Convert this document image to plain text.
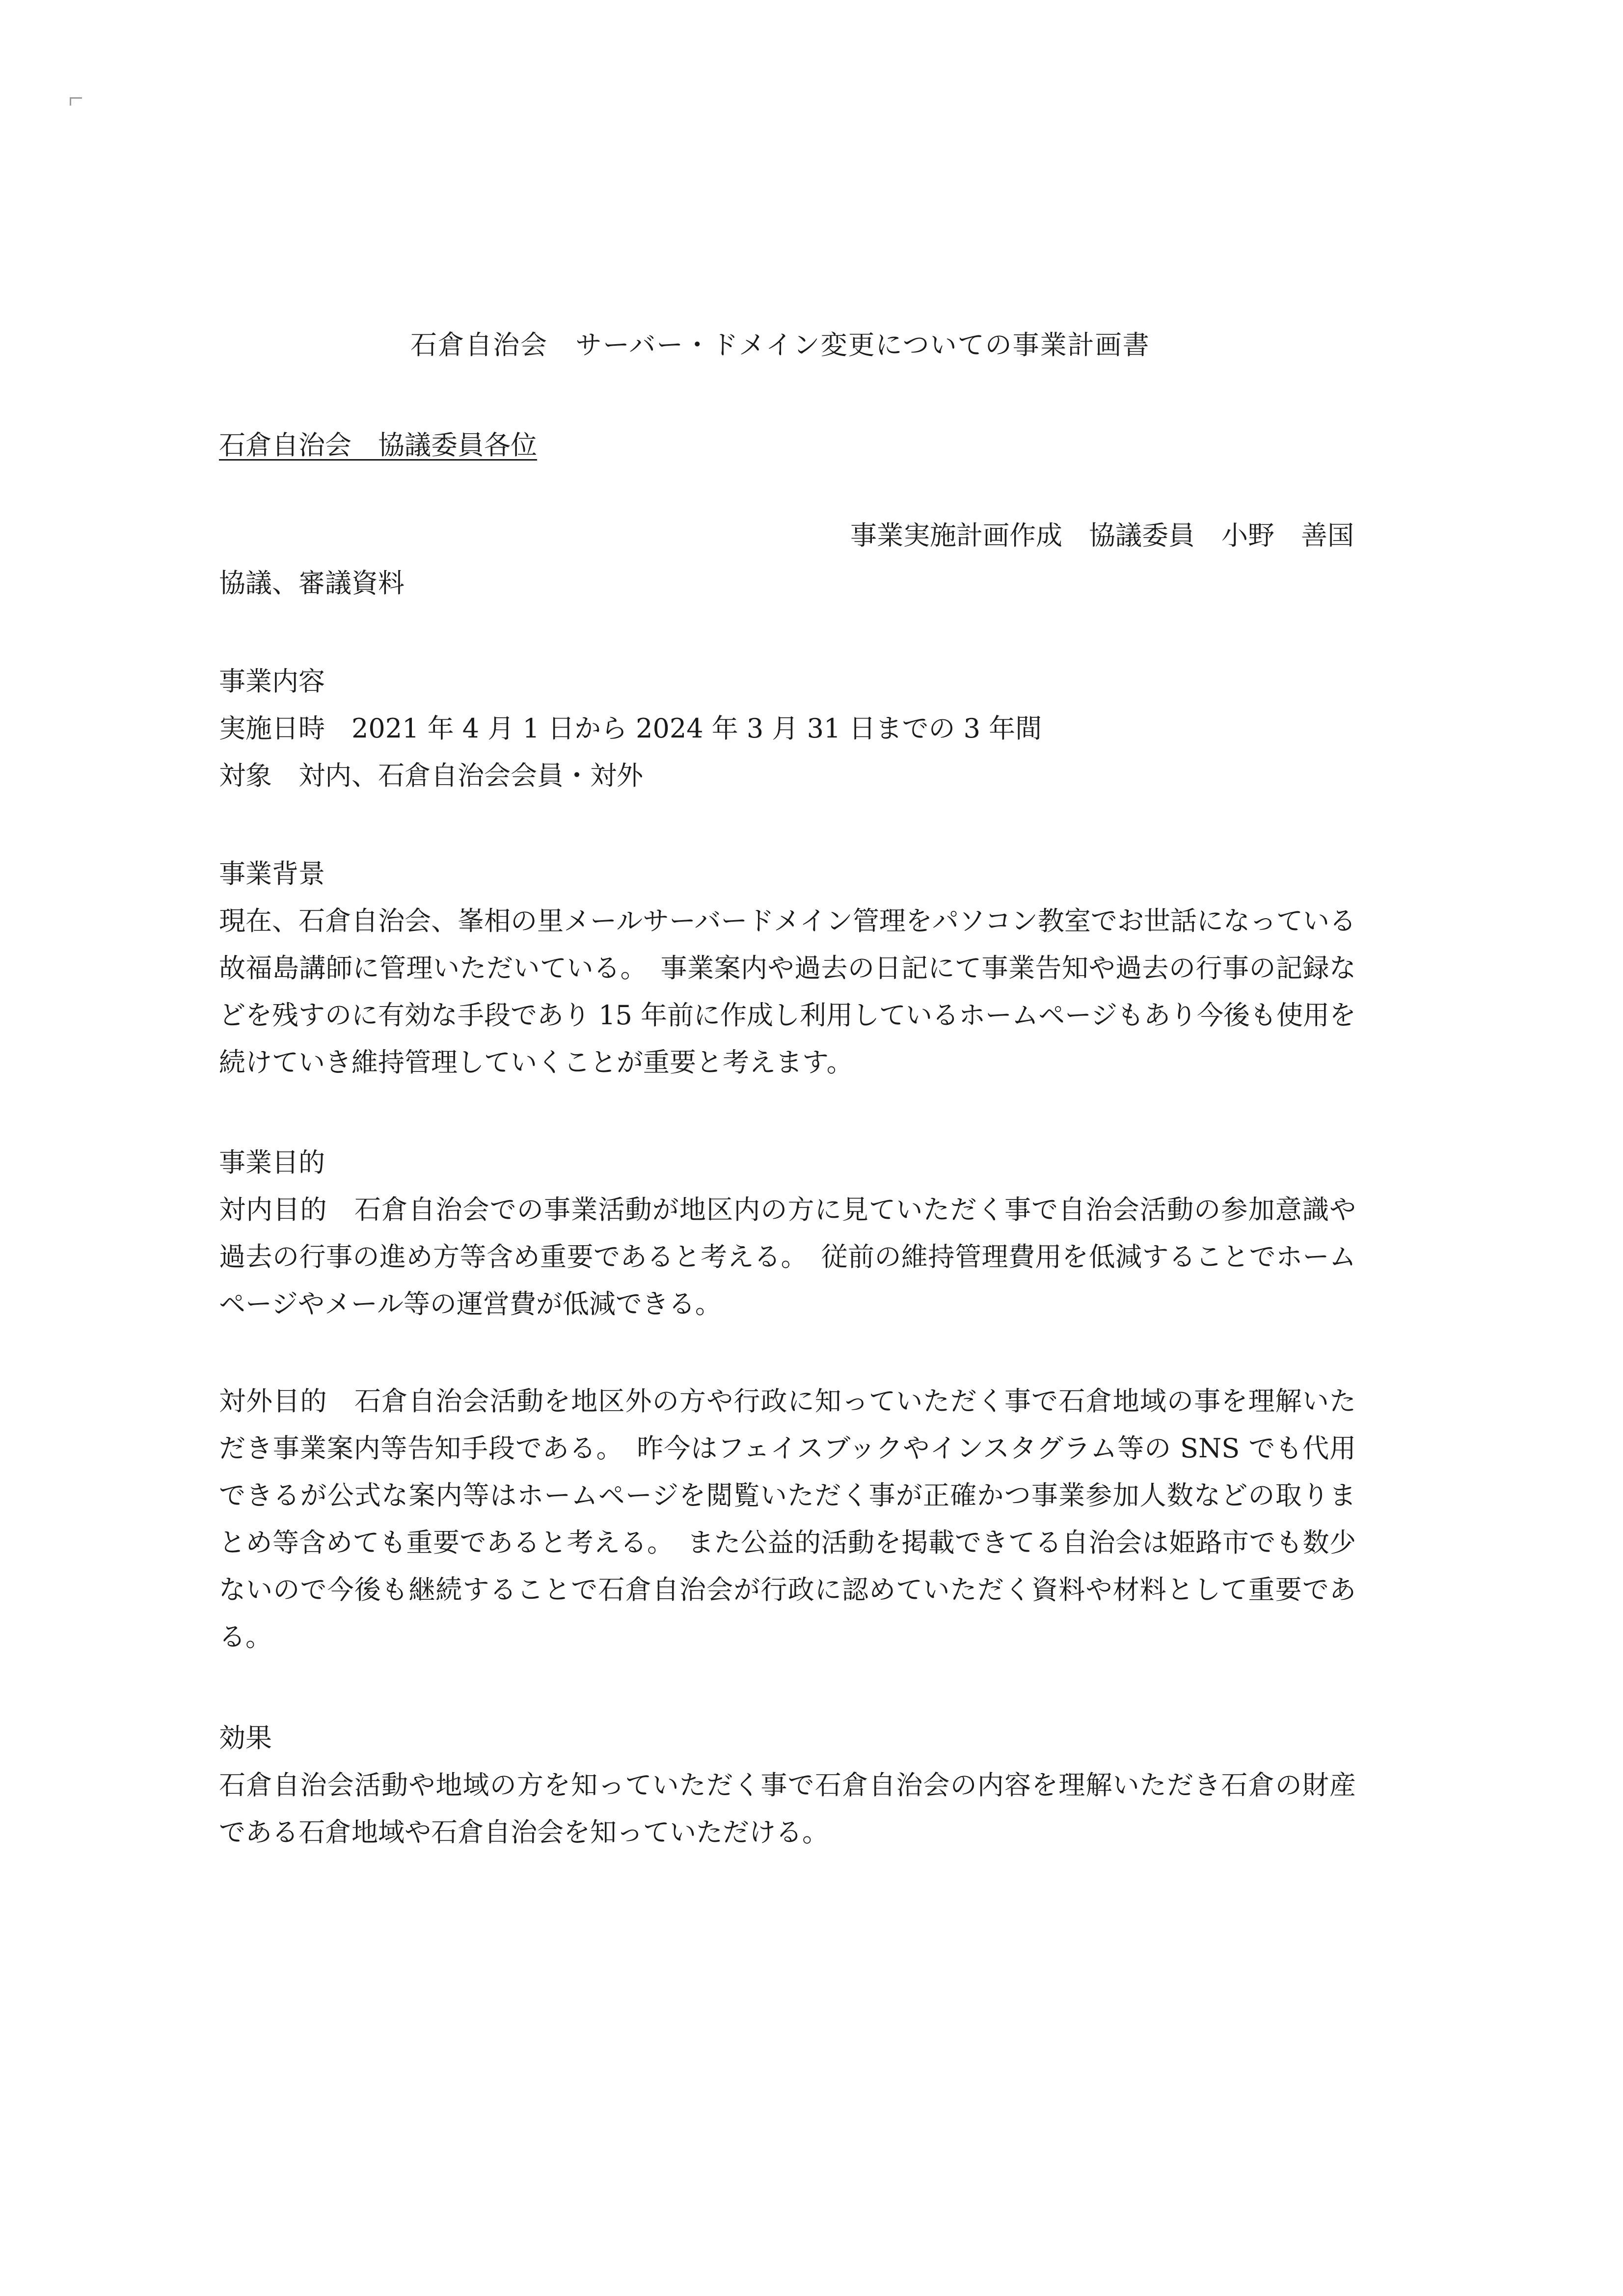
石倉自治会　サーバー・ドメイン変更についての事業計画書
石倉自治会　協議委員各位
事業実施計画作成　協議委員　小野　善国
協議、審議資料
事業内容
実施日時　2021 年 4 月 1 日から 2024 年 3 月 31 日までの 3 年間
対象　対内、石倉自治会会員・対外
事業背景
現在、石倉自治会、峯相の里メールサーバードメイン管理をパソコン教室でお世話になっている故福島講師に管理いただいている。　事業案内や過去の日記にて事業告知や過去の行事の記録などを残すのに有効な手段であり 15 年前に作成し利用しているホームページもあり今後も使用を続けていき維持管理していくことが重要と考えます。
事業目的
対内目的　石倉自治会での事業活動が地区内の方に見ていただく事で自治会活動の参加意識や過去の行事の進め方等含め重要であると考える。　従前の維持管理費用を低減することでホームページやメール等の運営費が低減できる。
対外目的　石倉自治会活動を地区外の方や行政に知っていただく事で石倉地域の事を理解いただき事業案内等告知手段である。　昨今はフェイスブックやインスタグラム等の SNS でも代用できるが公式な案内等はホームページを閲覧いただく事が正確かつ事業参加人数などの取りまとめ等含めても重要であると考える。　また公益的活動を掲載できてる自治会は姫路市でも数少ないので今後も継続することで石倉自治会が行政に認めていただく資料や材料として重要である。
効果
石倉自治会活動や地域の方を知っていただく事で石倉自治会の内容を理解いただき石倉の財産である石倉地域や石倉自治会を知っていただける。
